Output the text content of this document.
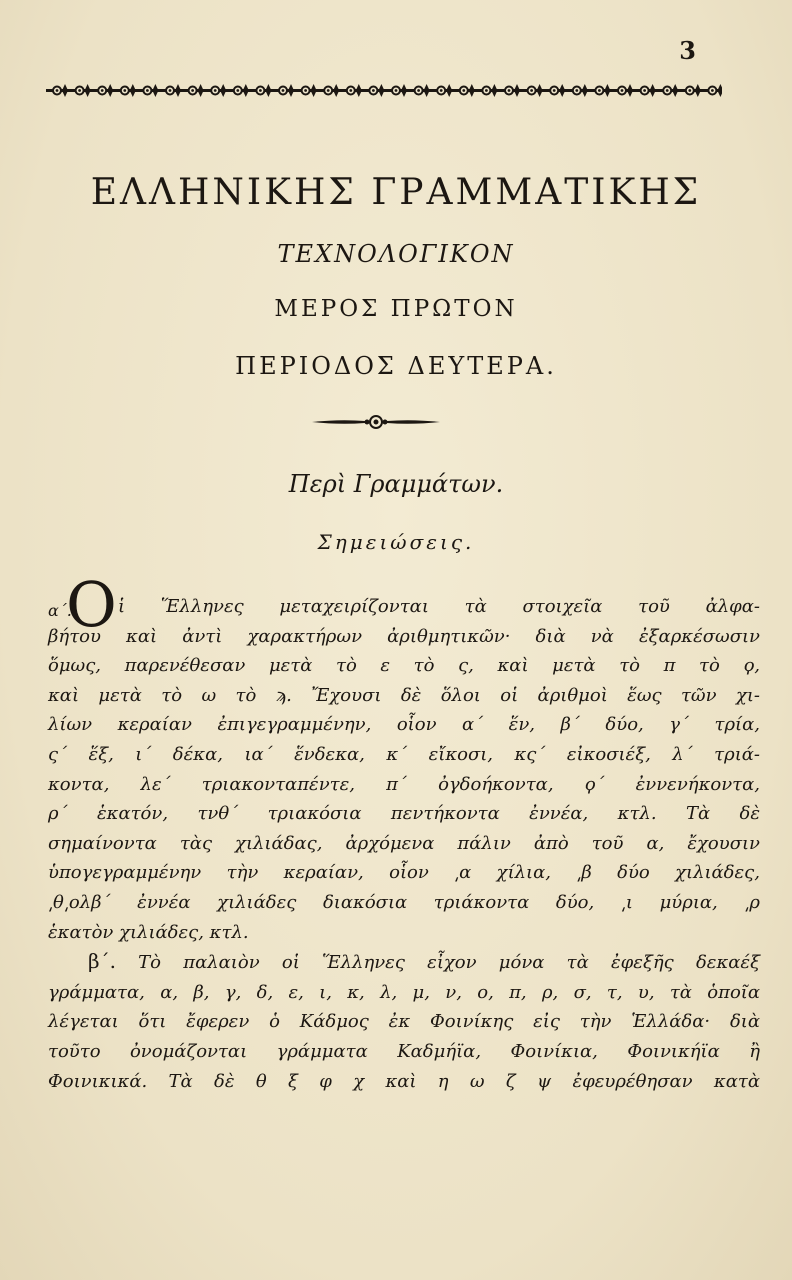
3
ΕΛΛΗΝΙΚΗΣ ΓΡΑΜΜΑΤΙΚΗΣ
ΤΕΧΝΟΛΟΓΙΚΟΝ
ΜΕΡΟΣ ΠΡΩΤΟΝ
ΠΕΡΙΟΔΟΣ ΔΕΥΤΕΡΑ.
Περὶ Γραμμάτων.
Σημειώσεις.
α΄.
Ο ἱ Ἕλληνες μεταχειρίζονται τὰ στοιχεῖα τοῦ ἀλφα-
βήτου καὶ ἀντὶ χαρακτήρων ἀριθμητικῶν· διὰ νὰ ἐξαρκέσωσιν
ὅμως, παρενέθεσαν μετὰ τὸ ε τὸ ς, καὶ μετὰ τὸ π τὸ ϙ,
καὶ μετὰ τὸ ω τὸ ϡ. Ἔχουσι δὲ ὅλοι οἱ ἀριθμοὶ ἕως τῶν χι-
λίων κεραίαν ἐπιγεγραμμένην, οἷον α΄ ἕν, β΄ δύο, γ΄ τρία,
ς΄ ἕξ, ι΄ δέκα, ια΄ ἕνδεκα, κ΄ εἴκοσι, κς΄ εἰκοσιέξ, λ΄ τριά-
κοντα, λε΄ τριακονταπέντε, π΄ ὀγδοήκοντα, ϙ΄ ἐννενήκοντα,
ρ΄ ἑκατόν, τνθ΄ τριακόσια πεντήκοντα ἐννέα, κτλ. Τὰ δὲ
σημαίνοντα τὰς χιλιάδας, ἀρχόμενα πάλιν ἀπὸ τοῦ α, ἔχουσιν
ὑπογεγραμμένην τὴν κεραίαν, οἷον ͵α χίλια, ͵β δύο χιλιάδες,
͵θ͵ολβ΄ ἐννέα χιλιάδες διακόσια τριάκοντα δύο, ͵ι μύρια, ͵ρ
ἑκατὸν χιλιάδες, κτλ.
β΄. Τὸ παλαιὸν οἱ Ἕλληνες εἶχον μόνα τὰ ἐφεξῆς δεκαέξ
γράμματα, α, β, γ, δ, ε, ι, κ, λ, μ, ν, ο, π, ρ, σ, τ, υ, τὰ ὁποῖα
λέγεται ὅτι ἔφερεν ὁ Κάδμος ἐκ Φοινίκης εἰς τὴν Ἑλλάδα· διὰ
τοῦτο ὀνομάζονται γράμματα Καδμήϊα, Φοινίκια, Φοινικήϊα ἢ
Φοινικικά. Τὰ δὲ θ ξ φ χ καὶ η ω ζ ψ ἐφευρέθησαν κατὰ
